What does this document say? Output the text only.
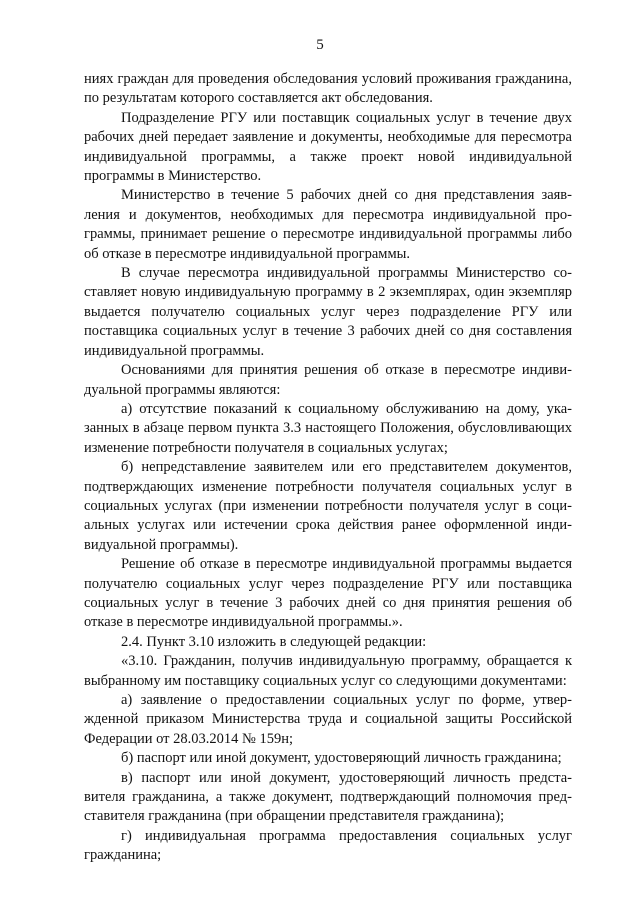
5

ниях граждан для проведения обследования условий проживания гражданина, по результатам которого составляется акт обследования.

Подразделение РГУ или поставщик социальных услуг в течение двух рабочих дней передает заявление и документы, необходимые для пересмотра индивидуальной программы, а также проект новой индивидуальной программы в Министерство.

Министерство в течение 5 рабочих дней со дня представления заявления и документов, необходимых для пересмотра индивидуальной программы, принимает решение о пересмотре индивидуальной программы либо об отказе в пересмотре индивидуальной программы.

В случае пересмотра индивидуальной программы Министерство составляет новую индивидуальную программу в 2 экземплярах, один экземпляр выдается получателю социальных услуг через подразделение РГУ или поставщика социальных услуг в течение 3 рабочих дней со дня составления индивидуальной программы.

Основаниями для принятия решения об отказе в пересмотре индивидуальной программы являются:

а) отсутствие показаний к социальному обслуживанию на дому, указанных в абзаце первом пункта 3.3 настоящего Положения, обусловливающих изменение потребности получателя в социальных услугах;

б) непредставление заявителем или его представителем документов, подтверждающих изменение потребности получателя социальных услуг в социальных услугах (при изменении потребности получателя услуг в социальных услугах или истечении срока действия ранее оформленной индивидуальной программы).

Решение об отказе в пересмотре индивидуальной программы выдается получателю социальных услуг через подразделение РГУ или поставщика социальных услуг в течение 3 рабочих дней со дня принятия решения об отказе в пересмотре индивидуальной программы.».

2.4. Пункт 3.10 изложить в следующей редакции:

«3.10. Гражданин, получив индивидуальную программу, обращается к выбранному им поставщику социальных услуг со следующими документами:

а) заявление о предоставлении социальных услуг по форме, утвержденной приказом Министерства труда и социальной защиты Российской Федерации от 28.03.2014 № 159н;

б) паспорт или иной документ, удостоверяющий личность гражданина;

в) паспорт или иной документ, удостоверяющий личность представителя гражданина, а также документ, подтверждающий полномочия представителя гражданина (при обращении представителя гражданина);

г) индивидуальная программа предоставления социальных услуг гражданина;
